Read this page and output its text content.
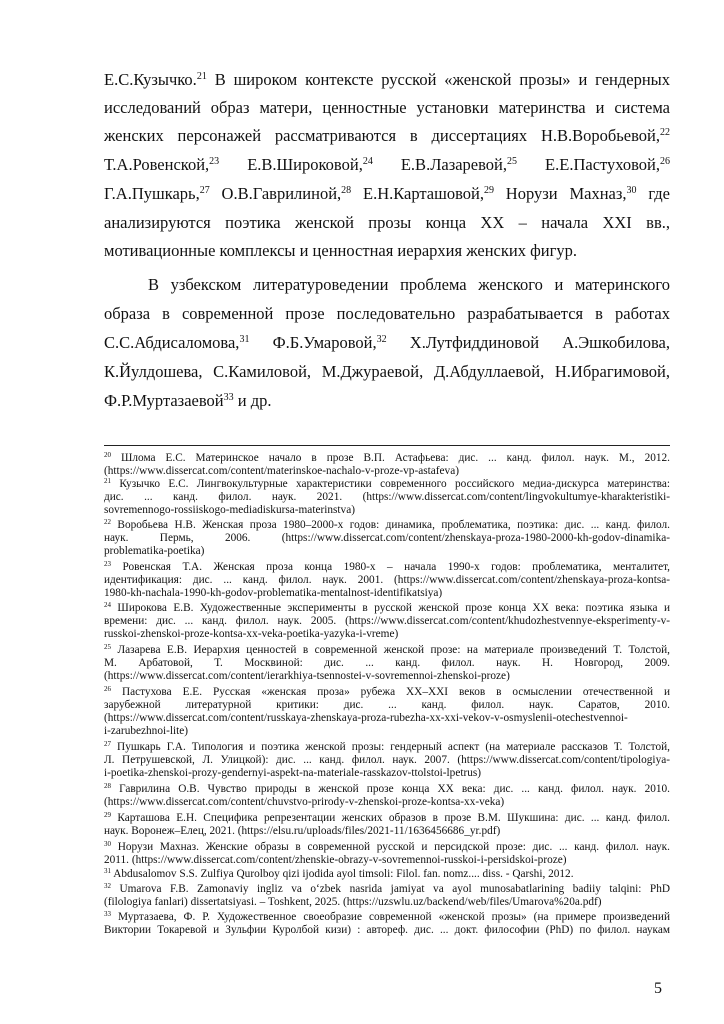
Е.С.Кузычко.$^{21}$ В широком контексте русской «женской прозы» и гендерных
исследований образ матери, ценностные установки материнства и система
женских персонажей рассматриваются в диссертациях Н.В.Воробьевой,$^{22}$
Т.А.Ровенской,$^{23}$ Е.В.Широковой,$^{24}$ Е.В.Лазаревой,$^{25}$ Е.Е.Пастуховой,$^{26}$
Г.А.Пушкарь,$^{27}$ О.В.Гаврилиной,$^{28}$ Е.Н.Карташовой,$^{29}$ Норузи Махназ,$^{30}$ где
анализируются поэтика женской прозы конца XX – начала XXI вв.,
мотивационные комплексы и ценностная иерархия женских фигур.
В узбекском литературоведении проблема женского и материнского
образа в современной прозе последовательно разрабатывается в работах
С.С.Абдисаломова,$^{31}$ Ф.Б.Умаровой,$^{32}$ Х.Лутфиддиновой А.Эшкобилова,
К.Йулдошева, С.Камиловой, М.Джураевой, Д.Абдуллаевой, Н.Ибрагимовой,
Ф.Р.Муртазаевой$^{33}$ и др.
$^{20}$ Шлома Е.С. Материнское начало в прозе В.П. Астафьева: дис. ... канд. филол. наук. М., 2012.
(https://www.dissercat.com/content/materinskoe-nachalo-v-proze-vp-astafeva)
$^{21}$ Кузычко Е.С. Лингвокультурные характеристики современного российского медиа-дискурса материнства:
дис. ... канд. филол. наук. 2021. (https://www.dissercat.com/content/lingvokultumye-kharakteristiki-
sovremennogo-rossiiskogo-mediadiskursa-materinstva)
$^{22}$ Воробьева Н.В. Женская проза 1980–2000-х годов: динамика, проблематика, поэтика: дис. ... канд. филол.
наук. Пермь, 2006. (https://www.dissercat.com/content/zhenskaya-proza-1980-2000-kh-godov-dinamika-
problematika-poetika)
$^{23}$ Ровенская Т.А. Женская проза конца 1980-х – начала 1990-х годов: проблематика, менталитет,
идентификация: дис. ... канд. филол. наук. 2001. (https://www.dissercat.com/content/zhenskaya-proza-kontsa-
1980-kh-nachala-1990-kh-godov-problematika-mentalnost-identifikatsiya)
$^{24}$ Широкова Е.В. Художественные эксперименты в русской женской прозе конца ХХ века: поэтика языка и
времени: дис. ... канд. филол. наук. 2005. (https://www.dissercat.com/content/khudozhestvennye-eksperimenty-v-
russkoi-zhenskoi-proze-kontsa-xx-veka-poetika-yazyka-i-vreme)
$^{25}$ Лазарева Е.В. Иерархия ценностей в современной женской прозе: на материале произведений Т. Толстой,
М. Арбатовой, Т. Москвиной: дис. ... канд. филол. наук. Н. Новгород, 2009.
(https://www.dissercat.com/content/ierarkhiya-tsennostei-v-sovremennoi-zhenskoi-proze)
$^{26}$ Пастухова Е.Е. Русская «женская проза» рубежа XX–XXI веков в осмыслении отечественной и
зарубежной литературной критики: дис. ... канд. филол. наук. Саратов, 2010.
(https://www.dissercat.com/content/russkaya-zhenskaya-proza-rubezha-xx-xxi-vekov-v-osmyslenii-otechestvennoi-
i-zarubezhnoi-lite)
$^{27}$ Пушкарь Г.А. Типология и поэтика женской прозы: гендерный аспект (на материале рассказов Т. Толстой,
Л. Петрушевской, Л. Улицкой): дис. ... канд. филол. наук. 2007. (https://www.dissercat.com/content/tipologiya-
i-poetika-zhenskoi-prozy-gendernyi-aspekt-na-materiale-rasskazov-ttolstoi-lpetrus)
$^{28}$ Гаврилина О.В. Чувство природы в женской прозе конца XX века: дис. ... канд. филол. наук. 2010.
(https://www.dissercat.com/content/chuvstvo-prirody-v-zhenskoi-proze-kontsa-xx-veka)
$^{29}$ Карташова Е.Н. Специфика репрезентации женских образов в прозе В.М. Шукшина: дис. ... канд. филол.
наук. Воронеж–Елец, 2021. (https://elsu.ru/uploads/files/2021-11/1636456686_yr.pdf)
$^{30}$ Норузи Махназ. Женские образы в современной русской и персидской прозе: дис. ... канд. филол. наук.
2011. (https://www.dissercat.com/content/zhenskie-obrazy-v-sovremennoi-russkoi-i-persidskoi-proze)
$^{31}$ Abdusalomov S.S. Zulfiya Qurolboy qizi ijodida ayol timsoli: Filol. fan. nomz.... diss. - Qarshi, 2012.
$^{32}$ Umarova F.B. Zamonaviy ingliz va oʻzbek nasrida jamiyat va ayol munosabatlarining badiiy talqini: PhD
(filologiya fanlari) dissertatsiyasi. – Toshkent, 2025. (https://uzswlu.uz/backend/web/files/Umarova%20a.pdf)
$^{33}$ Муртазаева, Ф. Р. Художественное своеобразие современной «женской прозы» (на примере произведений
Виктории Токаревой и Зульфии Куролбой кизи) : автореф. дис. ... докт. философии (PhD) по филол. наукам
5
